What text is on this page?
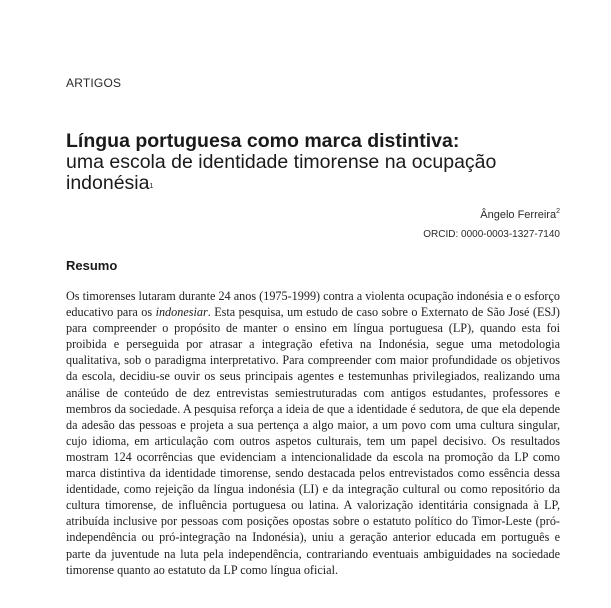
ARTIGOS

Língua portuguesa como marca distintiva:

uma escola de identidade timorense na ocupação indonésia$^1$

Ângelo Ferreira$^2$
ORCID: 0000-0003-1327-7140
Resumo

Os timorenses lutaram durante 24 anos (1975-1999) contra a violenta ocupação indonésia e o esforço educativo para os indonesiar. Esta pesquisa, um estudo de caso sobre o Externato de São José (ESJ) para compreender o propósito de manter o ensino em língua portuguesa (LP), quando esta foi proibida e perseguida por atrasar a integração efetiva na Indonésia, segue uma metodologia qualitativa, sob o paradigma interpretativo. Para compreender com maior profundidade os objetivos da escola, decidiu-se ouvir os seus principais agentes e testemunhas privilegiados, realizando uma análise de conteúdo de dez entrevistas semiestruturadas com antigos estudantes, professores e membros da sociedade. A pesquisa reforça a ideia de que a identidade é sedutora, de que ela depende da adesão das pessoas e projeta a sua pertença a algo maior, a um povo com uma cultura singular, cujo idioma, em articulação com outros aspetos culturais, tem um papel decisivo. Os resultados mostram 124 ocorrências que evidenciam a intencionalidade da escola na promoção da LP como marca distintiva da identidade timorense, sendo destacada pelos entrevistados como essência dessa identidade, como rejeição da língua indonésia (LI) e da integração cultural ou como repositório da cultura timorense, de influência portuguesa ou latina. A valorização identitária consignada à LP, atribuída inclusive por pessoas com posições opostas sobre o estatuto político do Timor-Leste (pró-independência ou pró-integração na Indonésia), uniu a geração anterior educada em português e parte da juventude na luta pela independência, contrariando eventuais ambiguidades na sociedade timorense quanto ao estatuto da LP como língua oficial.
